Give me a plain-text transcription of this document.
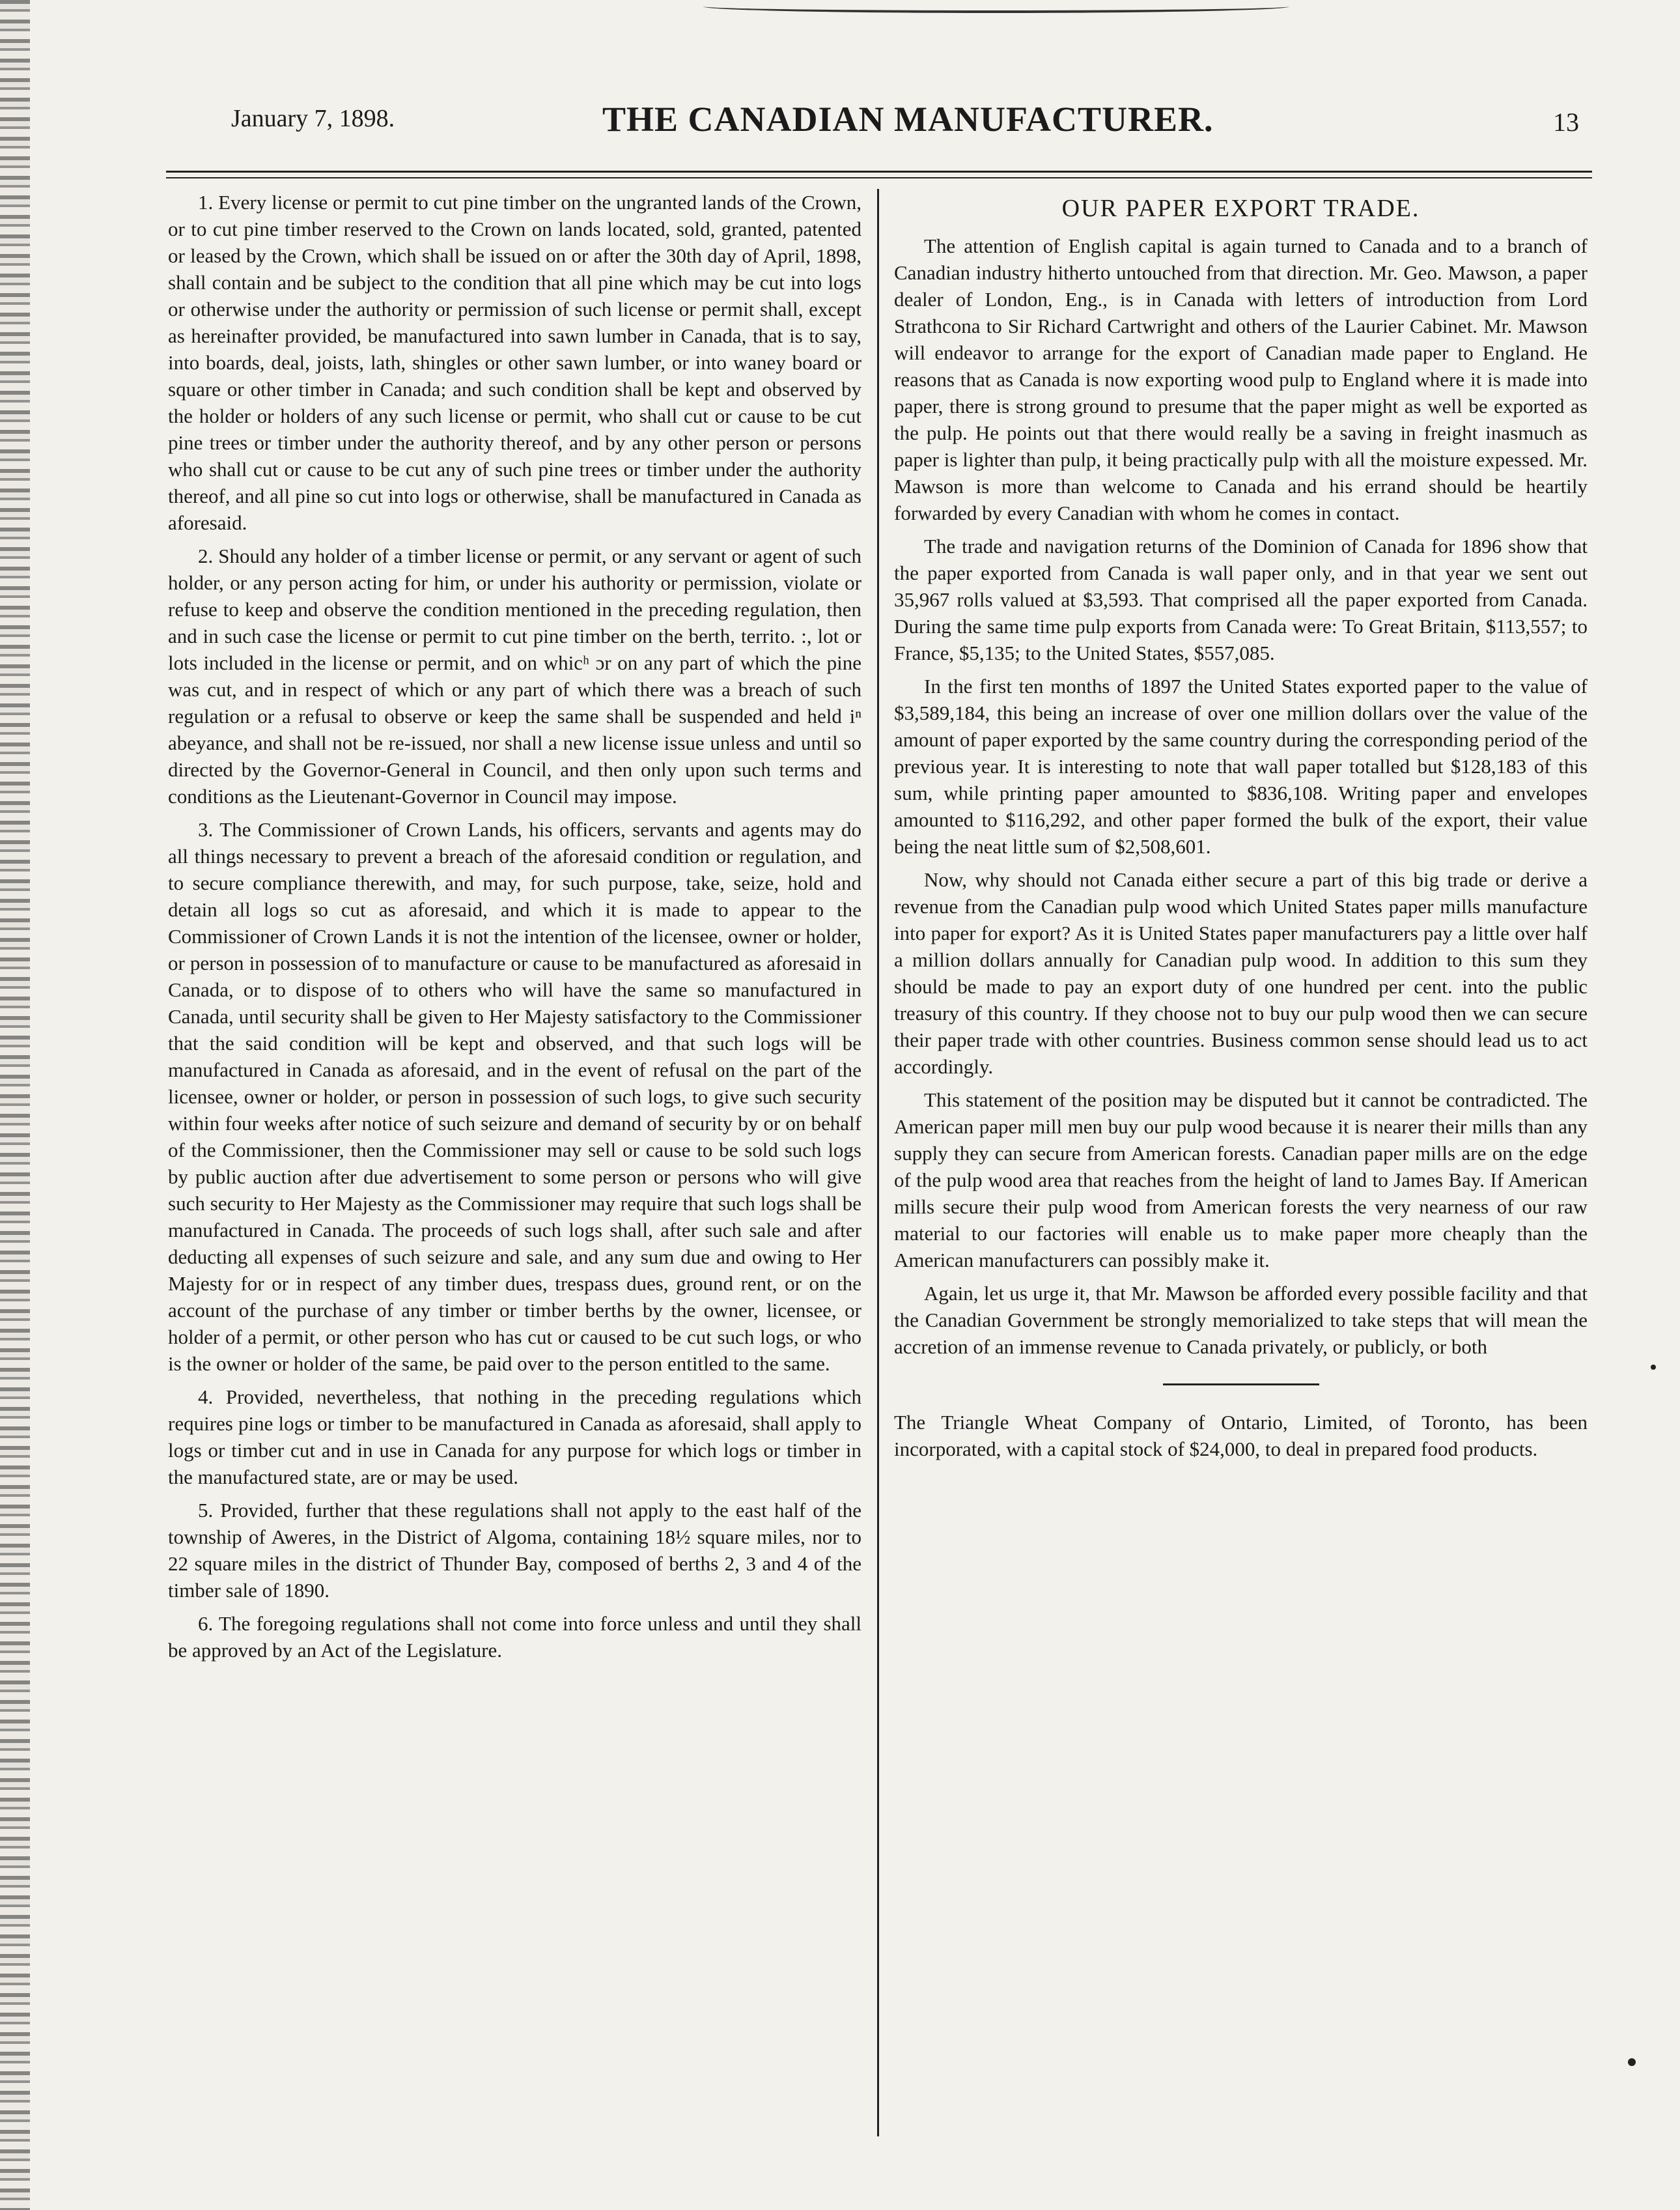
January 7, 1898.	THE CANADIAN MANUFACTURER.	13

1. Every license or permit to cut pine timber on the ungranted lands of the Crown, or to cut pine timber reserved to the Crown on lands located, sold, granted, patented or leased by the Crown, which shall be issued on or after the 30th day of April, 1898, shall contain and be subject to the condition that all pine which may be cut into logs or otherwise under the authority or permission of such license or permit shall, except as hereinafter provided, be manufactured into sawn lumber in Canada, that is to say, into boards, deal, joists, lath, shingles or other sawn lumber, or into waney board or square or other timber in Canada; and such condition shall be kept and observed by the holder or holders of any such license or permit, who shall cut or cause to be cut pine trees or timber under the authority thereof, and by any other person or persons who shall cut or cause to be cut any of such pine trees or timber under the authority thereof, and all pine so cut into logs or otherwise, shall be manufactured in Canada as aforesaid.

2. Should any holder of a timber license or permit, or any servant or agent of such holder, or any person acting for him, or under his authority or permission, violate or refuse to keep and observe the condition mentioned in the preceding regulation, then and in such case the license or permit to cut pine timber on the berth, territo. :, lot or lots included in the license or permit, and on whicʰ ɔr on any part of which the pine was cut, and in respect of which or any part of which there was a breach of such regulation or a refusal to observe or keep the same shall be suspended and held iⁿ abeyance, and shall not be re-issued, nor shall a new license issue unless and until so directed by the Governor-General in Council, and then only upon such terms and conditions as the Lieutenant-Governor in Council may impose.

3. The Commissioner of Crown Lands, his officers, servants and agents may do all things necessary to prevent a breach of the aforesaid condition or regulation, and to secure compliance therewith, and may, for such purpose, take, seize, hold and detain all logs so cut as aforesaid, and which it is made to appear to the Commissioner of Crown Lands it is not the intention of the licensee, owner or holder, or person in possession of to manufacture or cause to be manufactured as aforesaid in Canada, or to dispose of to others who will have the same so manufactured in Canada, until security shall be given to Her Majesty satisfactory to the Commissioner that the said condition will be kept and observed, and that such logs will be manufactured in Canada as aforesaid, and in the event of refusal on the part of the licensee, owner or holder, or person in possession of such logs, to give such security within four weeks after notice of such seizure and demand of security by or on behalf of the Commissioner, then the Commissioner may sell or cause to be sold such logs by public auction after due advertisement to some person or persons who will give such security to Her Majesty as the Commissioner may require that such logs shall be manufactured in Canada. The proceeds of such logs shall, after such sale and after deducting all expenses of such seizure and sale, and any sum due and owing to Her Majesty for or in respect of any timber dues, trespass dues, ground rent, or on the account of the purchase of any timber or timber berths by the owner, licensee, or holder of a permit, or other person who has cut or caused to be cut such logs, or who is the owner or holder of the same, be paid over to the person entitled to the same.

4. Provided, nevertheless, that nothing in the preceding regulations which requires pine logs or timber to be manufactured in Canada as aforesaid, shall apply to logs or timber cut and in use in Canada for any purpose for which logs or timber in the manufactured state, are or may be used.

5. Provided, further that these regulations shall not apply to the east half of the township of Aweres, in the District of Algoma, containing 18½ square miles, nor to 22 square miles in the district of Thunder Bay, composed of berths 2, 3 and 4 of the timber sale of 1890.

6. The foregoing regulations shall not come into force unless and until they shall be approved by an Act of the Legislature.

OUR PAPER EXPORT TRADE.

The attention of English capital is again turned to Canada and to a branch of Canadian industry hitherto untouched from that direction. Mr. Geo. Mawson, a paper dealer of London, Eng., is in Canada with letters of introduction from Lord Strathcona to Sir Richard Cartwright and others of the Laurier Cabinet. Mr. Mawson will endeavor to arrange for the export of Canadian made paper to England. He reasons that as Canada is now exporting wood pulp to England where it is made into paper, there is strong ground to presume that the paper might as well be exported as the pulp. He points out that there would really be a saving in freight inasmuch as paper is lighter than pulp, it being practically pulp with all the moisture expessed. Mr. Mawson is more than welcome to Canada and his errand should be heartily forwarded by every Canadian with whom he comes in contact.

The trade and navigation returns of the Dominion of Canada for 1896 show that the paper exported from Canada is wall paper only, and in that year we sent out 35,967 rolls valued at $3,593. That comprised all the paper exported from Canada. During the same time pulp exports from Canada were: To Great Britain, $113,557; to France, $5,135; to the United States, $557,085.

In the first ten months of 1897 the United States exported paper to the value of $3,589,184, this being an increase of over one million dollars over the value of the amount of paper exported by the same country during the corresponding period of the previous year. It is interesting to note that wall paper totalled but $128,183 of this sum, while printing paper amounted to $836,108. Writing paper and envelopes amounted to $116,292, and other paper formed the bulk of the export, their value being the neat little sum of $2,508,601.

Now, why should not Canada either secure a part of this big trade or derive a revenue from the Canadian pulp wood which United States paper mills manufacture into paper for export? As it is United States paper manufacturers pay a little over half a million dollars annually for Canadian pulp wood. In addition to this sum they should be made to pay an export duty of one hundred per cent. into the public treasury of this country. If they choose not to buy our pulp wood then we can secure their paper trade with other countries. Business common sense should lead us to act accordingly.

This statement of the position may be disputed but it cannot be contradicted. The American paper mill men buy our pulp wood because it is nearer their mills than any supply they can secure from American forests. Canadian paper mills are on the edge of the pulp wood area that reaches from the height of land to James Bay. If American mills secure their pulp wood from American forests the very nearness of our raw material to our factories will enable us to make paper more cheaply than the American manufacturers can possibly make it.

Again, let us urge it, that Mr. Mawson be afforded every possible facility and that the Canadian Government be strongly memorialized to take steps that will mean the accretion of an immense revenue to Canada privately, or publicly, or both

The Triangle Wheat Company of Ontario, Limited, of Toronto, has been incorporated, with a capital stock of $24,000, to deal in prepared food products.
